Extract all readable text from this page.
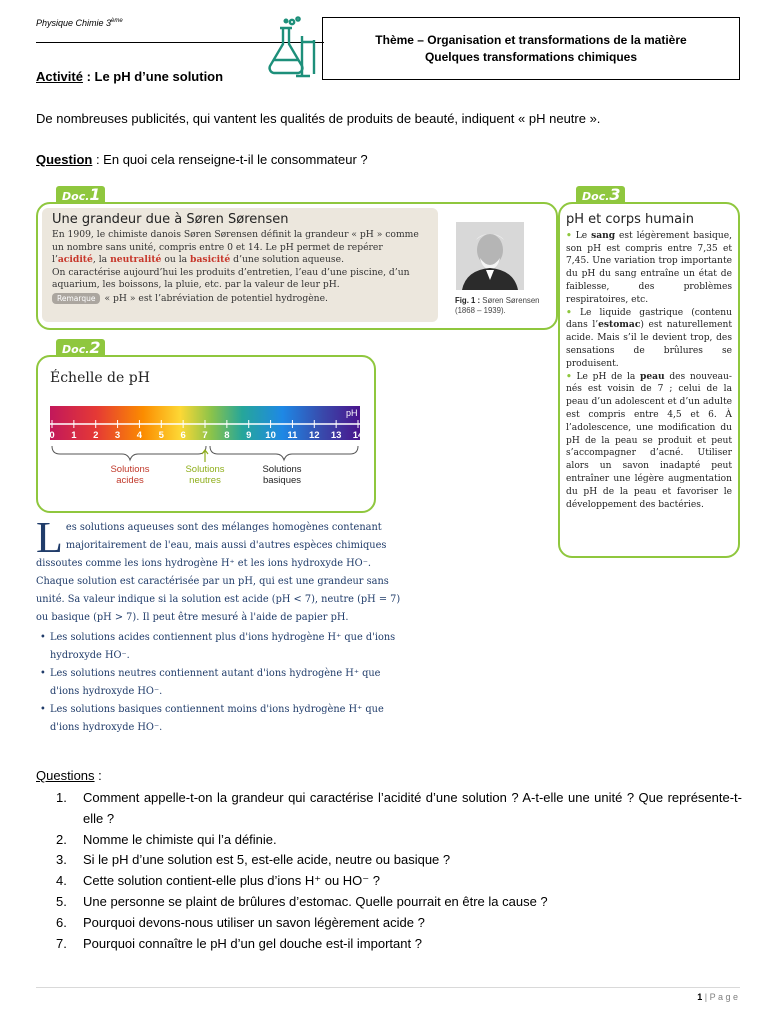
Physique Chimie 3ème
Thème – Organisation et transformations de la matière
Quelques transformations chimiques
Activité : Le pH d’une solution
De nombreuses publicités, qui vantent les qualités de produits de beauté, indiquent « pH neutre ».
Question : En quoi cela renseigne-t-il le consommateur ?
Doc.1
Une grandeur due à Søren Sørensen
En 1909, le chimiste danois Søren Sørensen définit la grandeur « pH » comme un nombre sans unité, compris entre 0 et 14. Le pH permet de repérer l’acidité, la neutralité ou la basicité d’une solution aqueuse.
On caractérise aujourd’hui les produits d’entretien, l’eau d’une piscine, d’un aquarium, les boissons, la pluie, etc. par la valeur de leur pH.
Remarque « pH » est l’abréviation de potentiel hydrogène.	Fig. 1 : Søren Sørensen
(1868 – 1939).
Doc.2
Échelle de pH
pH
0 1 2 3 4 5 6 7 8 9 10 11 12 13 14
Solutions
acides
Solutions
neutres
Solutions
basiques
Doc.3
pH et corps humain
• Le sang est légèrement basique, son pH est compris entre 7,35 et 7,45. Une variation trop importante du pH du sang entraîne un état de faiblesse, des problèmes respiratoires, etc.
• Le liquide gastrique (contenu dans l’estomac) est naturellement acide. Mais s’il le devient trop, des sensations de brûlures se produisent.
• Le pH de la peau des nouveau-nés est voisin de 7 ; celui de la peau d’un adolescent et d’un adulte est compris entre 4,5 et 6. À l’adolescence, une modification du pH de la peau se produit et peut s’accompagner d’acné. Utiliser alors un savon inadapté peut entraîner une légère augmentation du pH de la peau et favoriser le développement des bactéries.
L es solutions aqueuses sont des mélanges homogènes contenant majoritairement de l'eau, mais aussi d'autres espèces chimiques dissoutes comme les ions hydrogène H⁺ et les ions hydroxyde HO⁻. Chaque solution est caractérisée par un pH, qui est une grandeur sans unité. Sa valeur indique si la solution est acide (pH < 7), neutre (pH = 7) ou basique (pH > 7). Il peut être mesuré à l'aide de papier pH.
• Les solutions acides contiennent plus d'ions hydrogène H⁺ que d'ions hydroxyde HO⁻.
• Les solutions neutres contiennent autant d'ions hydrogène H⁺ que d'ions hydroxyde HO⁻.
• Les solutions basiques contiennent moins d'ions hydrogène H⁺ que d'ions hydroxyde HO⁻.
Questions :
1.	Comment appelle-t-on la grandeur qui caractérise l’acidité d’une solution ? A-t-elle une unité ? Que représente-t-elle ?
2.	Nomme le chimiste qui l’a définie.
3.	Si le pH d’une solution est 5, est-elle acide, neutre ou basique ?
4.	Cette solution contient-elle plus d’ions H⁺ ou HO⁻ ?
5.	Une personne se plaint de brûlures d’estomac. Quelle pourrait en être la cause ?
6.	Pourquoi devons-nous utiliser un savon légèrement acide ?
7.	Pourquoi connaître le pH d’un gel douche est-il important ?
1 | P a g e
